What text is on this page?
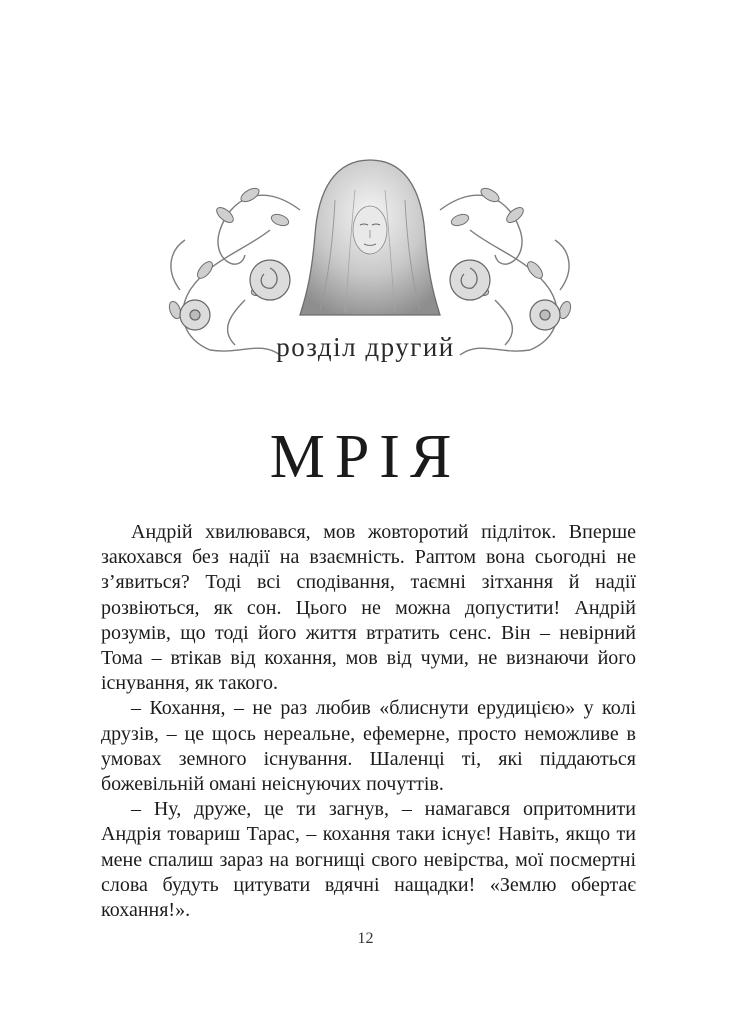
розділ другий
МРІЯ

Андрій хвилювався, мов жовторотий підліток. Вперше закохався без надії на взаємність. Раптом вона сьогодні не з’явиться? Тоді всі сподівання, таємні зітхання й надії розвіються, як сон. Цього не можна допустити! Андрій розумів, що тоді його життя втратить сенс. Він – невірний Тома – втікав від кохання, мов від чуми, не визнаючи його існування, як такого.

– Кохання, – не раз любив «блиснути ерудицією» у колі друзів, – це щось нереальне, ефемерне, просто неможливе в умовах земного існування. Шаленці ті, які піддаються божевільній омані неіснуючих почуттів.

– Ну, друже, це ти загнув, – намагався опритомнити Андрія товариш Тарас, – кохання таки існує! Навіть, якщо ти мене спалиш зараз на вогнищі свого невірства, мої посмертні слова будуть цитувати вдячні нащадки! «Землю обертає кохання!».

12
